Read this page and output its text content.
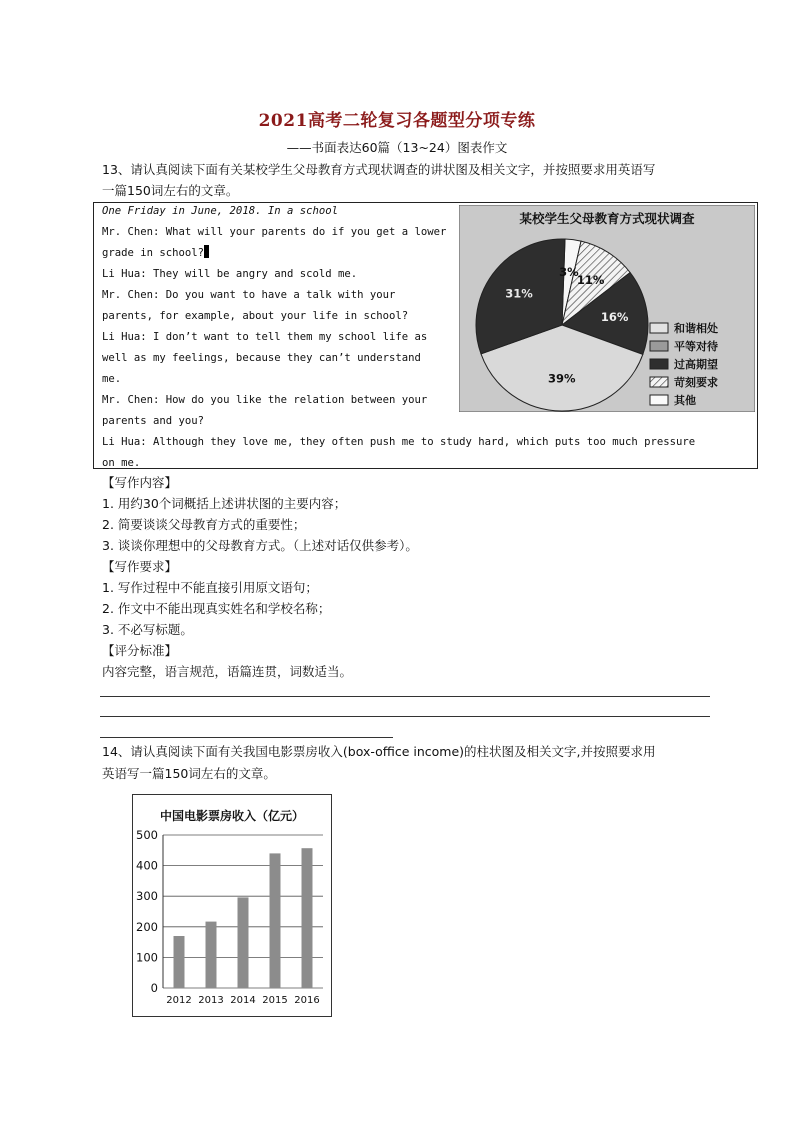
2021高考二轮复习各题型分项专练
——书面表达60篇（13~24）图表作文
13、请认真阅读下面有关某校学生父母教育方式现状调查的讲状图及相关文字，并按照要求用英语写
一篇150词左右的文章。

One Friday in June, 2018. In a school

Mr. Chen: What will your parents do if you get a lower

grade in school?

Li Hua: They will be angry and scold me.

Mr. Chen: Do you want to have a talk with your

parents, for example, about your life in school?

Li Hua: I don’t want to tell them my school life as

well as my feelings, because they can’t understand

me.

Mr. Chen: How do you like the relation between your

parents and you?

Li Hua: Although they love me, they often push me to study hard, which puts too much pressure

on me.

某校学生父母教育方式现状调查
3%
11%
16%
39%
31%
和谐相处
平等对待
过高期望
苛刻要求
其他
【写作内容】
1. 用约30个词概括上述讲状图的主要内容；
2. 简要谈谈父母教育方式的重要性；
3. 谈谈你理想中的父母教育方式。（上述对话仅供参考）。
【写作要求】
1. 写作过程中不能直接引用原文语句；
2. 作文中不能出现真实姓名和学校名称；
3. 不必写标题。
【评分标准】
内容完整，语言规范，语篇连贯，词数适当。
14、请认真阅读下面有关我国电影票房收入(box-office income)的柱状图及相关文字,并按照要求用
英语写一篇150词左右的文章。
中国电影票房收入（亿元）
0
100
200
300
400
500
2012 2013 2014 2015 2016
